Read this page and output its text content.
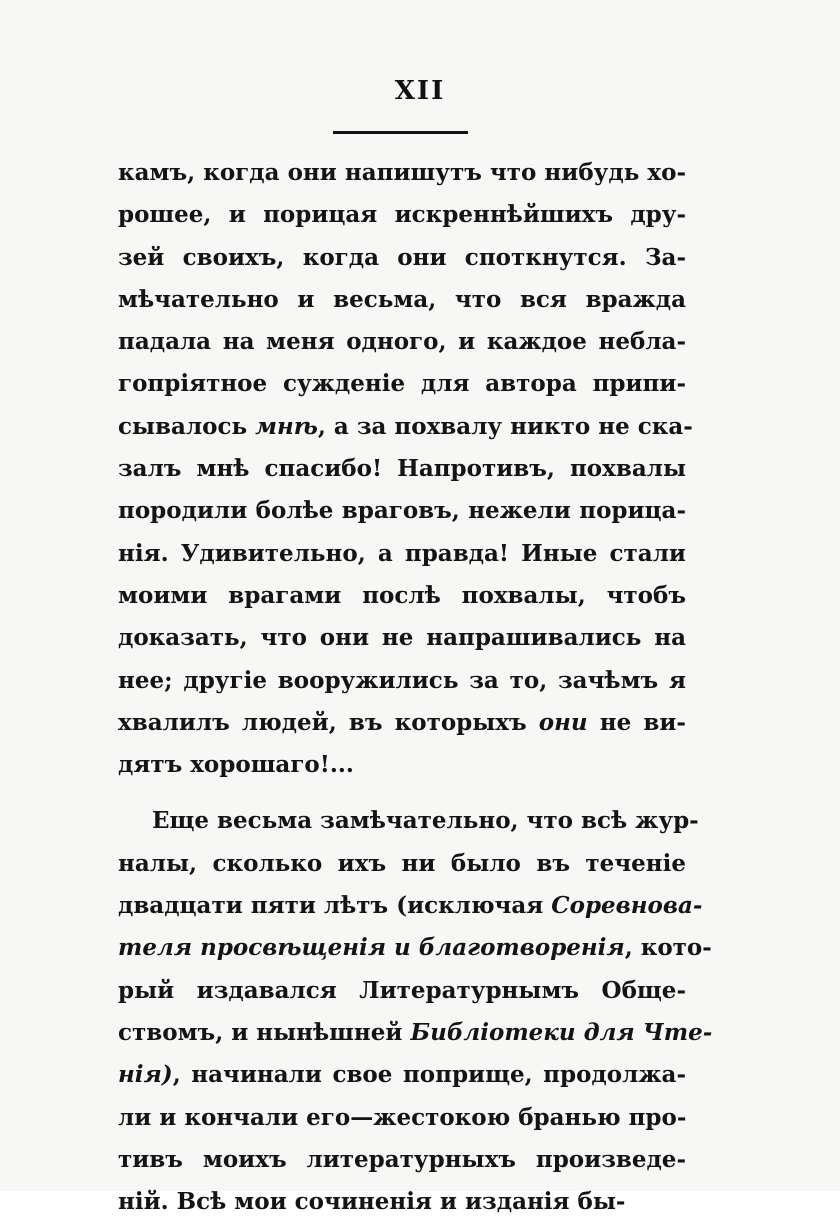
XII
камъ, когда они напишутъ что нибудь хо-
рошее, и порицая искреннѣйшихъ дру-
зей своихъ, когда они споткнутся. За-
мѣчательно и весьма, что вся вражда
падала на меня одного, и каждое небла-
гопріятное сужденіе для автора припи-
сывалось мнѣ, а за похвалу никто не ска-
залъ мнѣ спасибо! Напротивъ, похвалы
породили болѣе враговъ, нежели порица-
нія. Удивительно, а правда! Иные стали
моими врагами послѣ похвалы, чтобъ
доказать, что они не напрашивались на
нее; другіе вооружились за то, зачѣмъ я
хвалилъ людей, въ которыхъ они не ви-
дятъ хорошаго!...
Еще весьма замѣчательно, что всѣ жур-
налы, сколько ихъ ни было въ теченіе
двадцати пяти лѣтъ (исключая Соревнова-
теля просвѣщенія и благотворенія, кото-
рый издавался Литературнымъ Обще-
ствомъ, и нынѣшней Библіотеки для Чте-
нія), начинали свое поприще, продолжа-
ли и кончали его—жестокою бранью про-
тивъ моихъ литературныхъ произведе-
ній. Всѣ мои сочиненія и изданія бы-
